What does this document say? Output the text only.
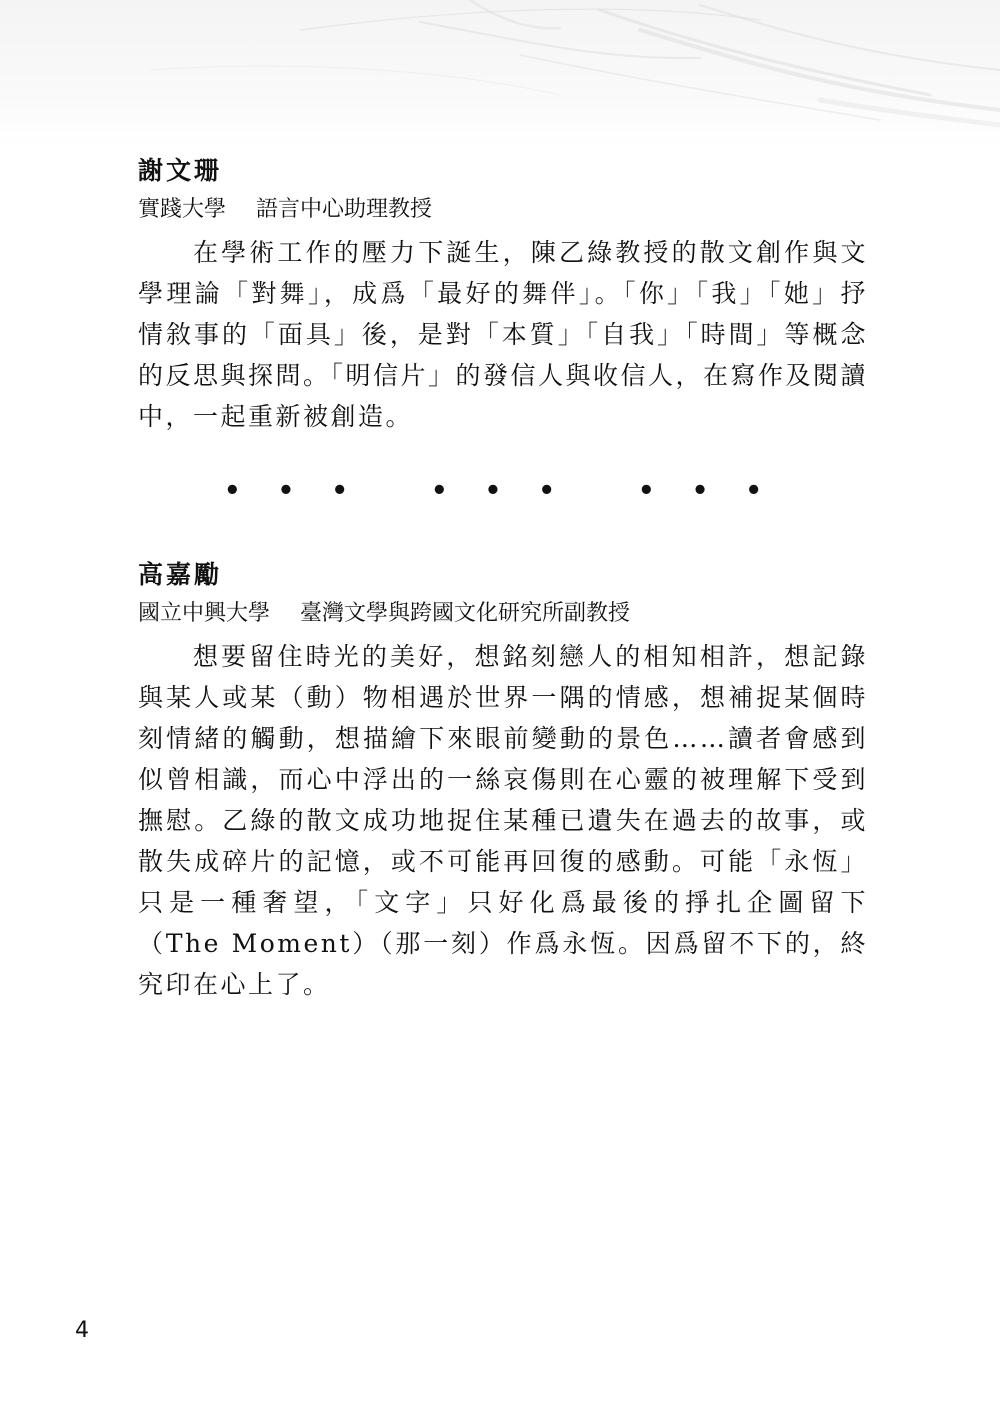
謝文珊

實踐大學 語言中心助理教授

在學術工作的壓力下誕生，陳乙綠教授的散文創作與文學理論「對舞」，成爲「最好的舞伴」。「你」「我」「她」抒情敘事的「面具」後，是對「本質」「自我」「時間」等概念的反思與探問。「明信片」的發信人與收信人，在寫作及閱讀中，一起重新被創造。

• • •	• • •	• • •
高嘉勵

國立中興大學 臺灣文學與跨國文化研究所副教授

想要留住時光的美好，想銘刻戀人的相知相許，想記錄與某人或某（動）物相遇於世界一隅的情感，想補捉某個時刻情緒的觸動，想描繪下來眼前變動的景色……讀者會感到似曾相識，而心中浮出的一絲哀傷則在心靈的被理解下受到撫慰。乙綠的散文成功地捉住某種已遺失在過去的故事，或散失成碎片的記憶，或不可能再回復的感動。可能「永恆」只是一種奢望，「文字」只好化爲最後的掙扎企圖留下（The Moment）（那一刻）作爲永恆。因爲留不下的，終究印在心上了。

4
